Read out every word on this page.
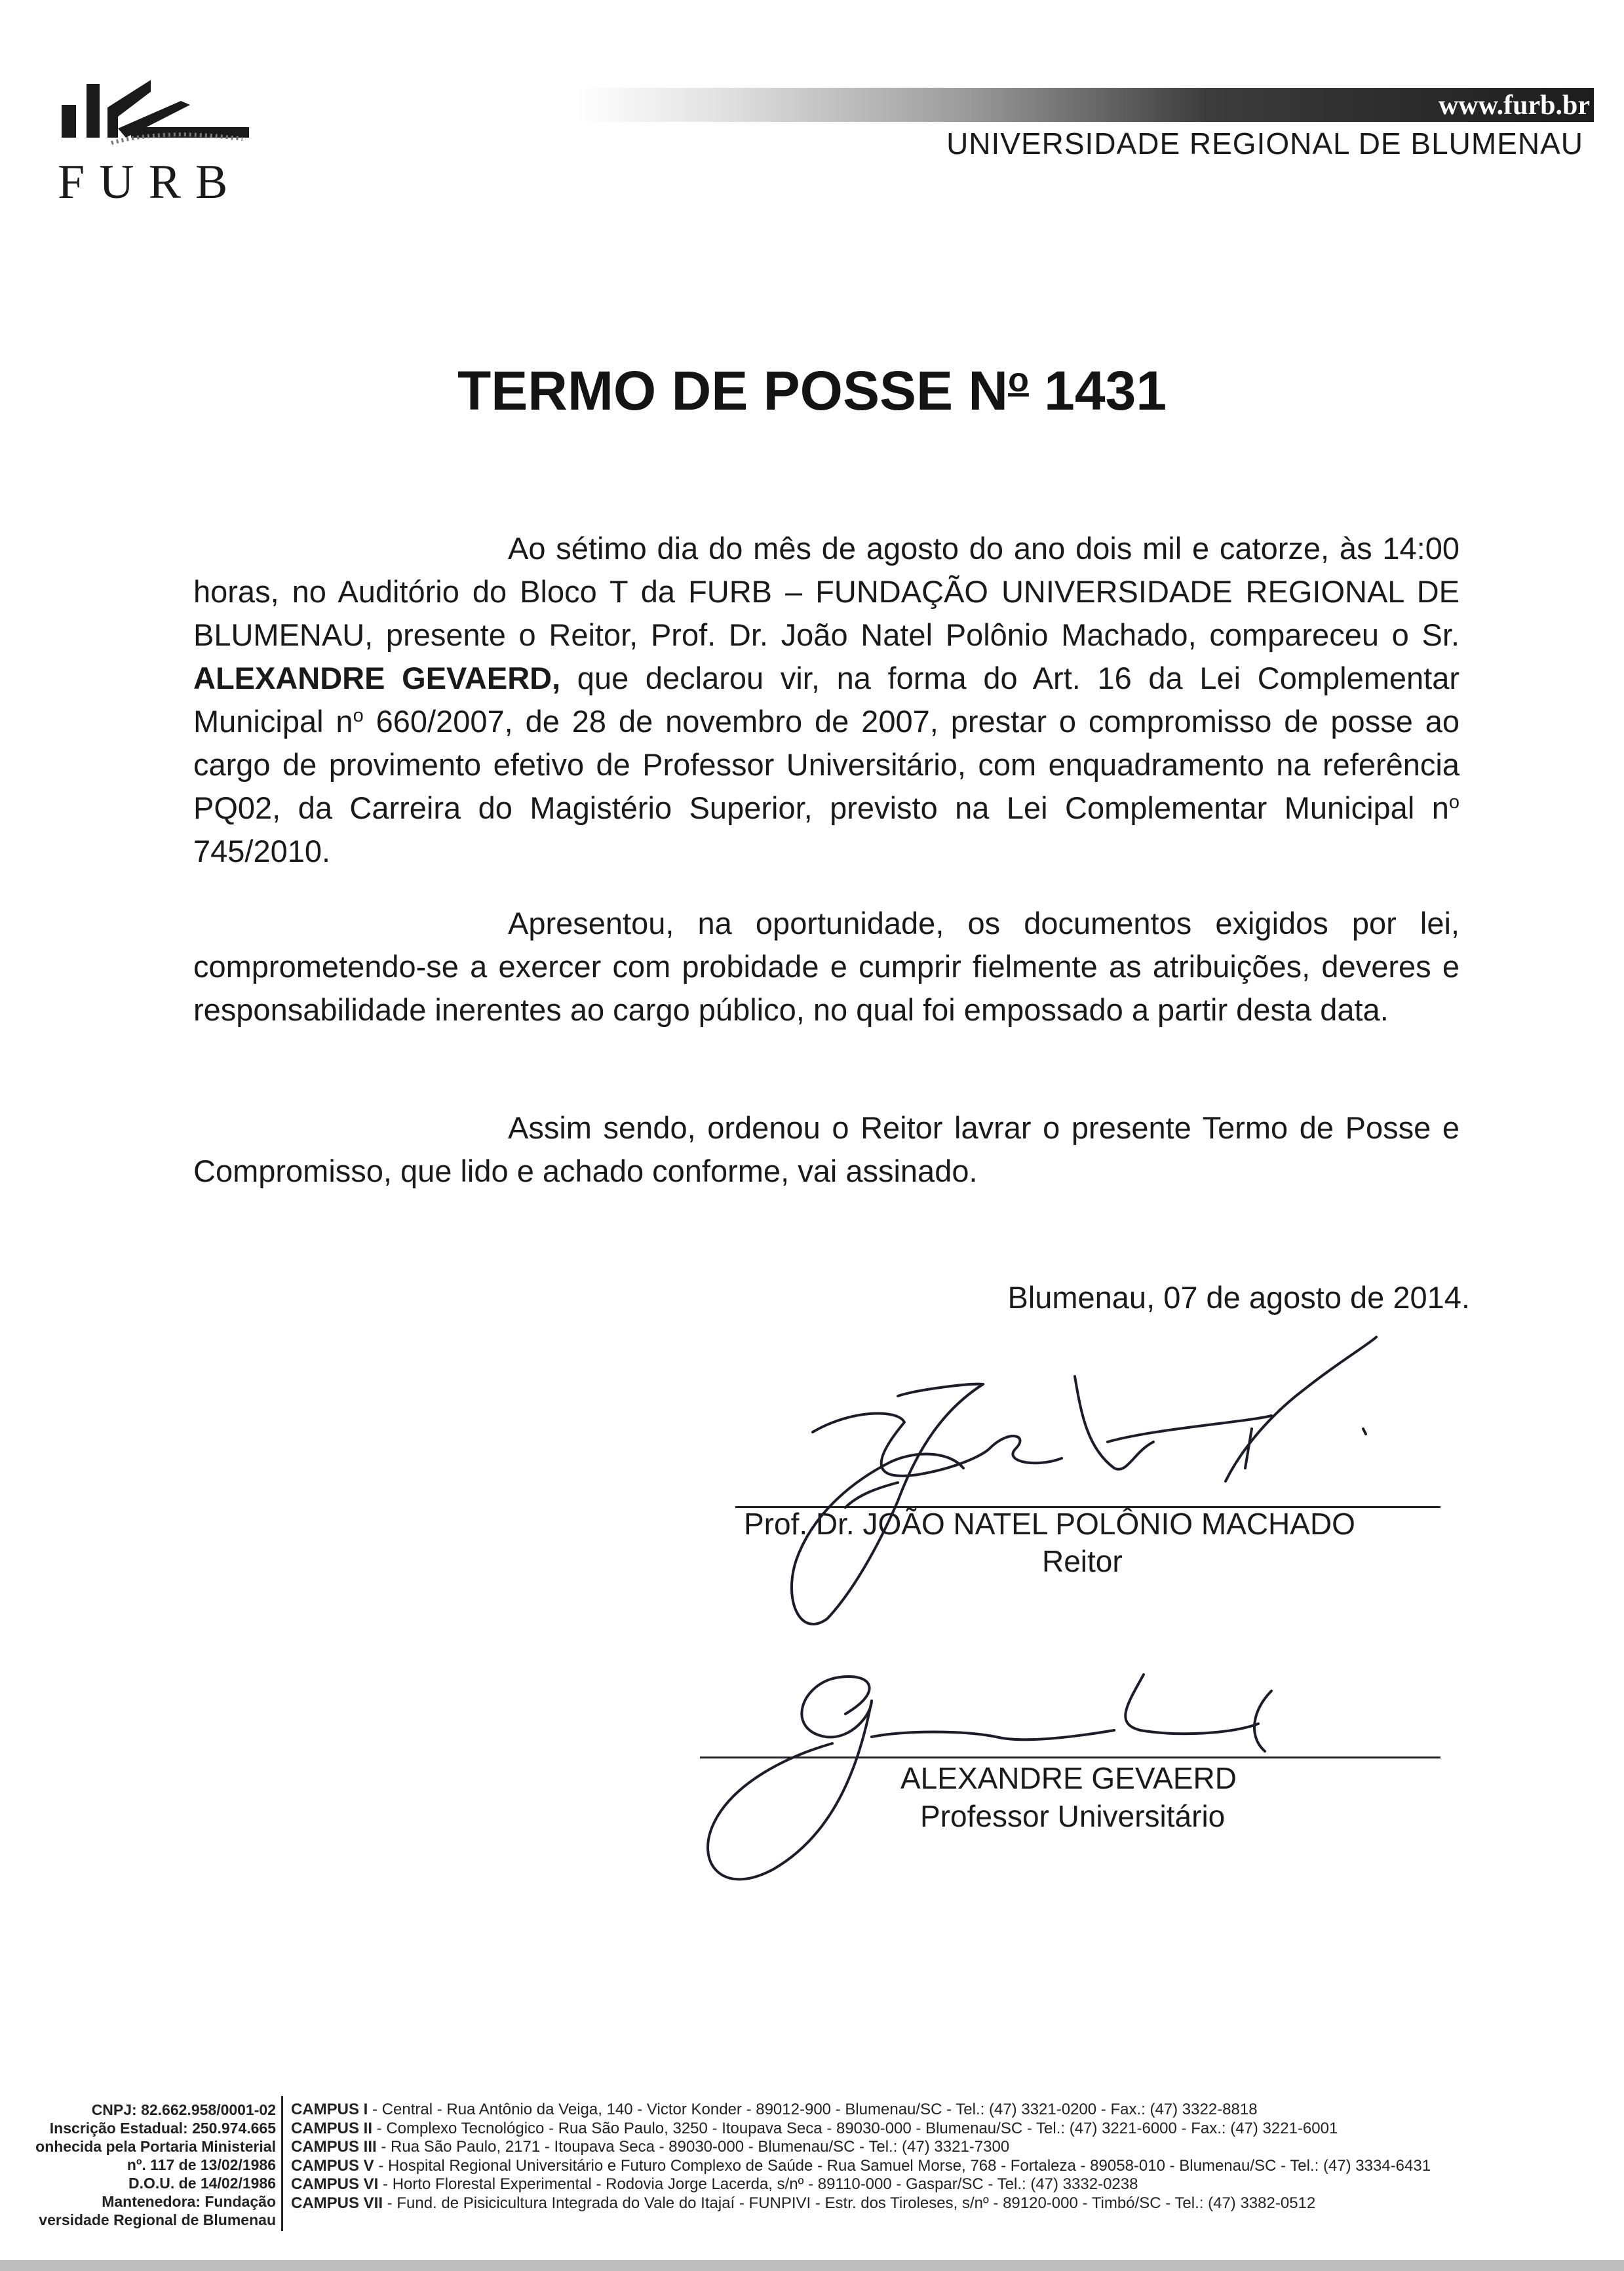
FURB
www.furb.br
UNIVERSIDADE REGIONAL DE BLUMENAU
TERMO DE POSSE $N^o$ 1431

Ao sétimo dia do mês de agosto do ano dois mil e catorze, às 14:00 horas, no Auditório do Bloco T da FURB – FUNDAÇÃO UNIVERSIDADE REGIONAL DE BLUMENAU, presente o Reitor, Prof. Dr. João Natel Polônio Machado, compareceu o Sr. ALEXANDRE GEVAERD, que declarou vir, na forma do Art. 16 da Lei Complementar Municipal $n^o$ 660/2007, de 28 de novembro de 2007, prestar o compromisso de posse ao cargo de provimento efetivo de Professor Universitário, com enquadramento na referência PQ02, da Carreira do Magistério Superior, previsto na Lei Complementar Municipal $n^o$ 745/2010.

Apresentou, na oportunidade, os documentos exigidos por lei, comprometendo-se a exercer com probidade e cumprir fielmente as atribuições, deveres e responsabilidade inerentes ao cargo público, no qual foi empossado a partir desta data.

Assim sendo, ordenou o Reitor lavrar o presente Termo de Posse e Compromisso, que lido e achado conforme, vai assinado.

Blumenau, 07 de agosto de 2014.
Prof. Dr. JOÃO NATEL POLÔNIO MACHADO
Reitor
ALEXANDRE GEVAERD
Professor Universitário
CNPJ: 82.662.958/0001-02
Inscrição Estadual: 250.974.665
onhecida pela Portaria Ministerial
nº. 117 de 13/02/1986
D.O.U. de 14/02/1986
Mantenedora: Fundação
versidade Regional de Blumenau
CAMPUS I - Central - Rua Antônio da Veiga, 140 - Victor Konder - 89012-900 - Blumenau/SC - Tel.: (47) 3321-0200 - Fax.: (47) 3322-8818
CAMPUS II - Complexo Tecnológico - Rua São Paulo, 3250 - Itoupava Seca - 89030-000 - Blumenau/SC - Tel.: (47) 3221-6000 - Fax.: (47) 3221-6001
CAMPUS III - Rua São Paulo, 2171 - Itoupava Seca - 89030-000 - Blumenau/SC - Tel.: (47) 3321-7300
CAMPUS V - Hospital Regional Universitário e Futuro Complexo de Saúde - Rua Samuel Morse, 768 - Fortaleza - 89058-010 - Blumenau/SC - Tel.: (47) 3334-6431
CAMPUS VI - Horto Florestal Experimental - Rodovia Jorge Lacerda, s/nº - 89110-000 - Gaspar/SC - Tel.: (47) 3332-0238
CAMPUS VII - Fund. de Pisicicultura Integrada do Vale do Itajaí - FUNPIVI - Estr. dos Tiroleses, s/nº - 89120-000 - Timbó/SC - Tel.: (47) 3382-0512
